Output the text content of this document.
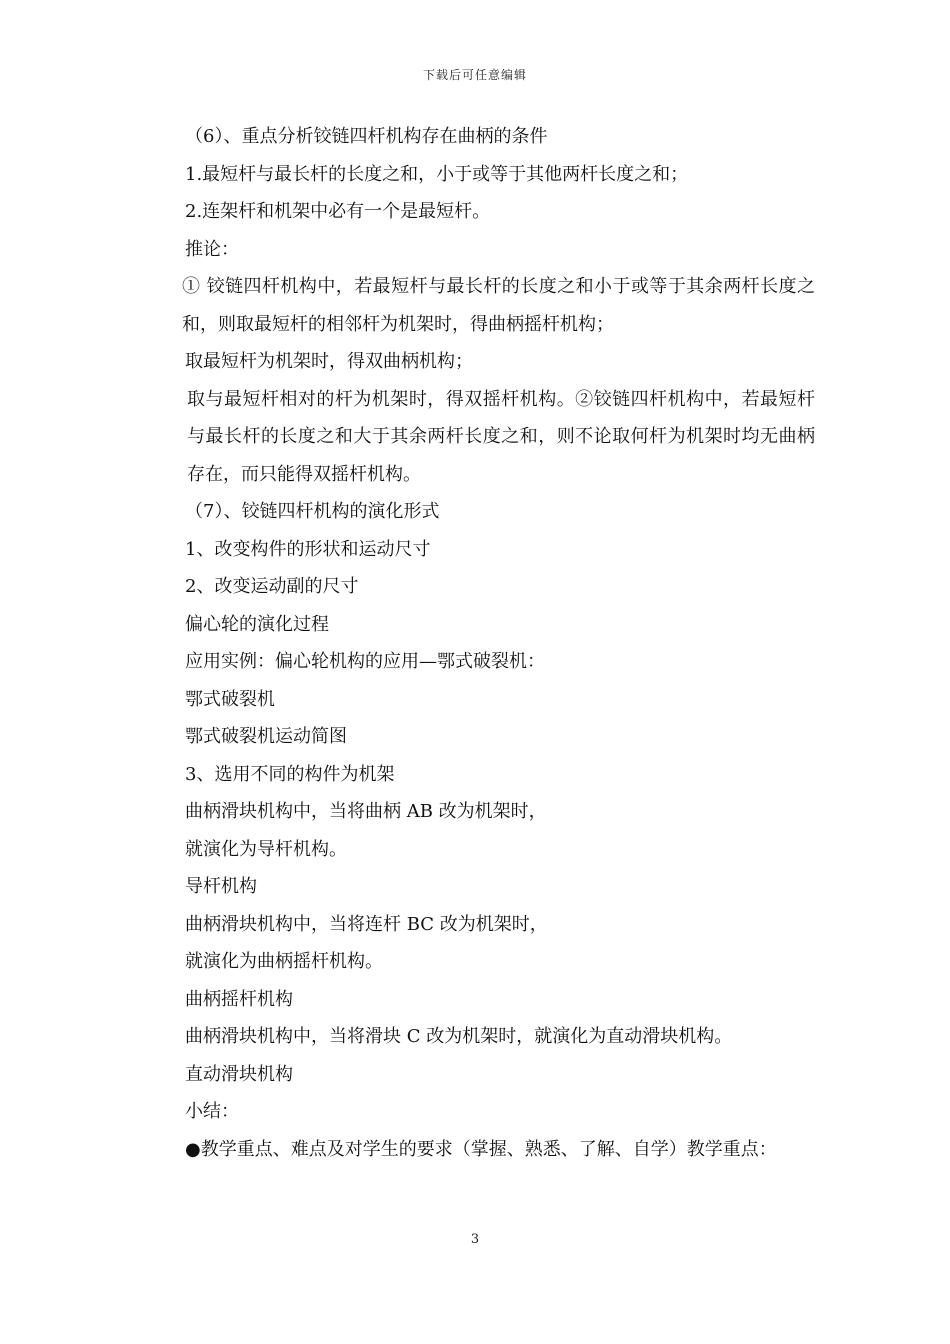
下载后可任意编辑

（6）、重点分析铰链四杆机构存在曲柄的条件

1.最短杆与最长杆的长度之和，小于或等于其他两杆长度之和；

2.连架杆和机架中必有一个是最短杆。

推论：

① 铰链四杆机构中，若最短杆与最长杆的长度之和小于或等于其余两杆长度之和，则取最短杆的相邻杆为机架时，得曲柄摇杆机构；

取最短杆为机架时，得双曲柄机构；

取与最短杆相对的杆为机架时，得双摇杆机构。②铰链四杆机构中，若最短杆与最长杆的长度之和大于其余两杆长度之和，则不论取何杆为机架时均无曲柄存在，而只能得双摇杆机构。

（7）、铰链四杆机构的演化形式

1、改变构件的形状和运动尺寸

2、改变运动副的尺寸

偏心轮的演化过程

应用实例：偏心轮机构的应用—鄂式破裂机：

鄂式破裂机

鄂式破裂机运动简图

3、选用不同的构件为机架

曲柄滑块机构中，当将曲柄 AB 改为机架时，

就演化为导杆机构。

导杆机构

曲柄滑块机构中，当将连杆 BC 改为机架时，

就演化为曲柄摇杆机构。

曲柄摇杆机构

曲柄滑块机构中，当将滑块 C 改为机架时，就演化为直动滑块机构。

直动滑块机构

小结：

●教学重点、难点及对学生的要求（掌握、熟悉、了解、自学）教学重点：

3
